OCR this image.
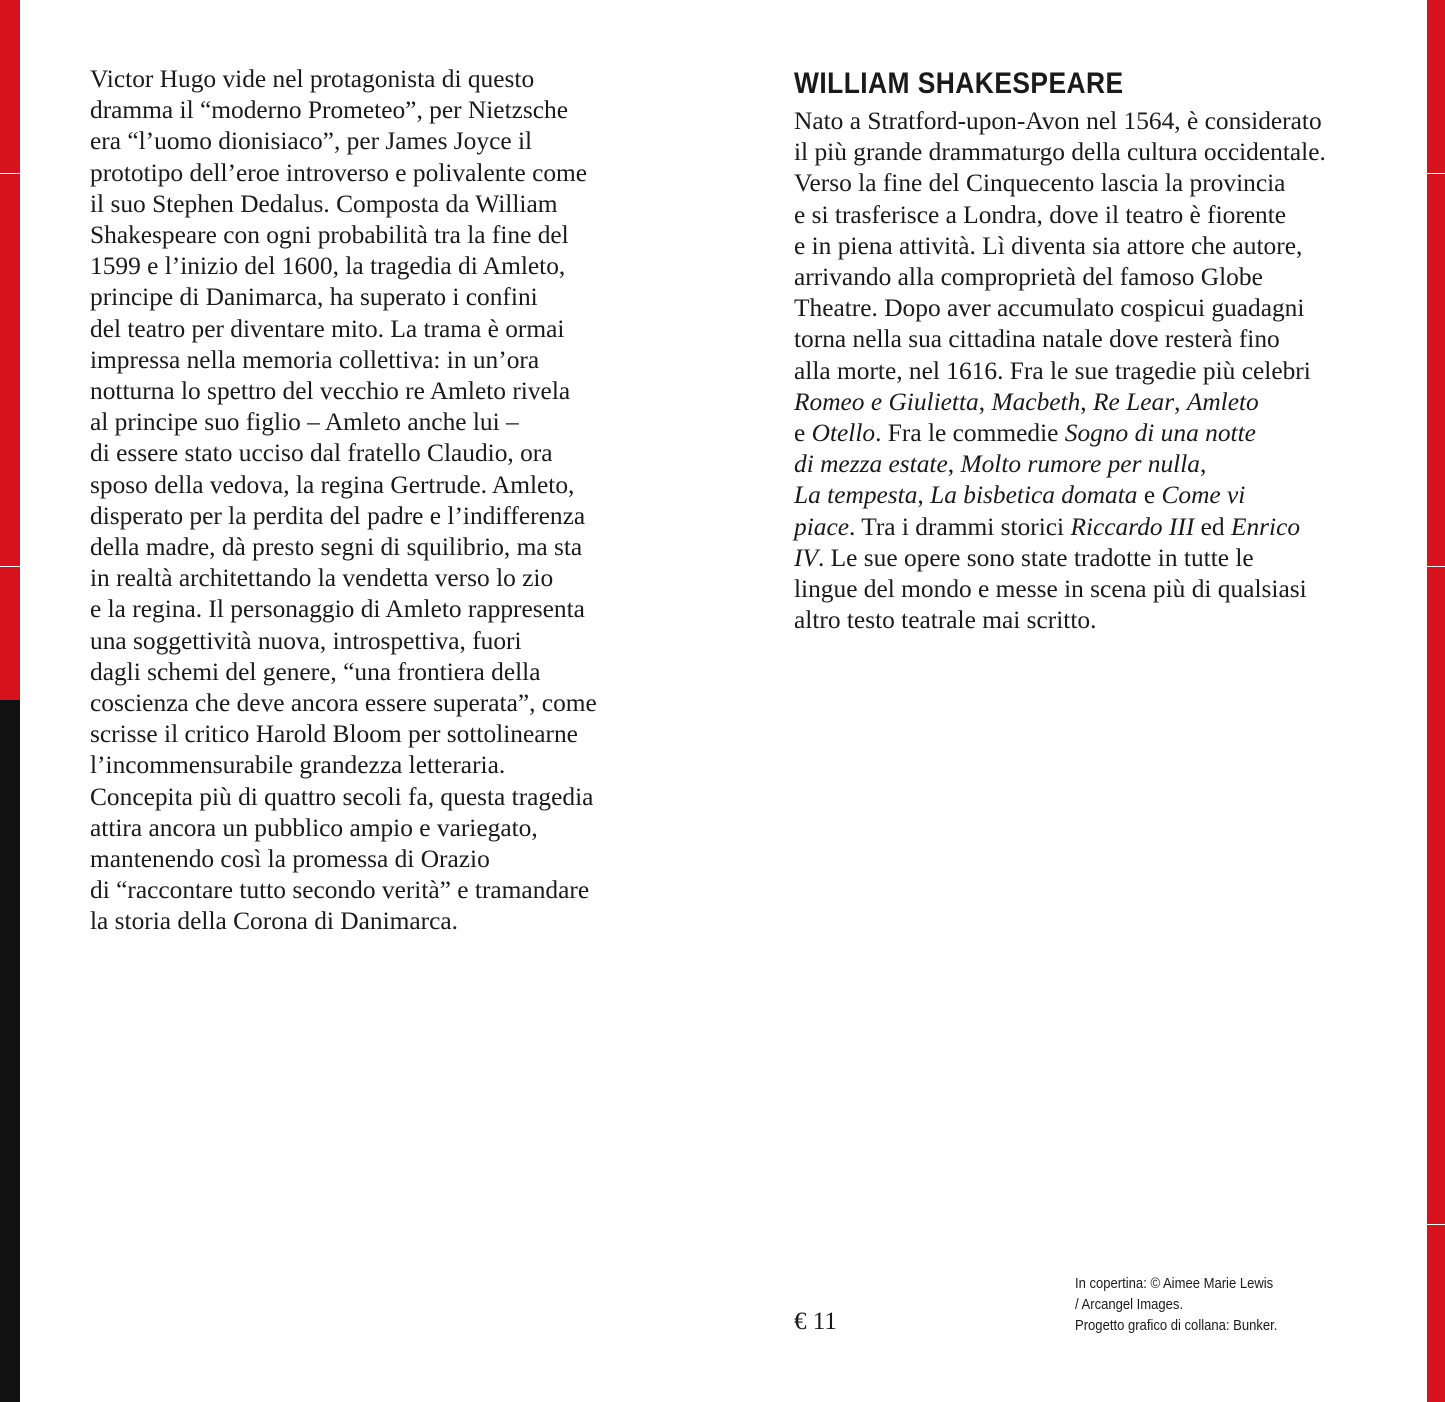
Victor Hugo vide nel protagonista di questo
dramma il “moderno Prometeo”, per Nietzsche
era “l’uomo dionisiaco”, per James Joyce il
prototipo dell’eroe introverso e polivalente come
il suo Stephen Dedalus. Composta da William
Shakespeare con ogni probabilità tra la fine del
1599 e l’inizio del 1600, la tragedia di Amleto,
principe di Danimarca, ha superato i confini
del teatro per diventare mito. La trama è ormai
impressa nella memoria collettiva: in un’ora
notturna lo spettro del vecchio re Amleto rivela
al principe suo figlio – Amleto anche lui –
di essere stato ucciso dal fratello Claudio, ora
sposo della vedova, la regina Gertrude. Amleto,
disperato per la perdita del padre e l’indifferenza
della madre, dà presto segni di squilibrio, ma sta
in realtà architettando la vendetta verso lo zio
e la regina. Il personaggio di Amleto rappresenta
una soggettività nuova, introspettiva, fuori
dagli schemi del genere, “una frontiera della
coscienza che deve ancora essere superata”, come
scrisse il critico Harold Bloom per sottolinearne
l’incommensurabile grandezza letteraria.
Concepita più di quattro secoli fa, questa tragedia
attira ancora un pubblico ampio e variegato,
mantenendo così la promessa di Orazio
di “raccontare tutto secondo verità” e tramandare
la storia della Corona di Danimarca.
WILLIAM SHAKESPEARE
Nato a Stratford-upon-Avon nel 1564, è considerato
il più grande drammaturgo della cultura occidentale.
Verso la fine del Cinquecento lascia la provincia
e si trasferisce a Londra, dove il teatro è fiorente
e in piena attività. Lì diventa sia attore che autore,
arrivando alla comproprietà del famoso Globe
Theatre. Dopo aver accumulato cospicui guadagni
torna nella sua cittadina natale dove resterà fino
alla morte, nel 1616. Fra le sue tragedie più celebri
Romeo e Giulietta, Macbeth, Re Lear, Amleto
e Otello. Fra le commedie Sogno di una notte
di mezza estate, Molto rumore per nulla,
La tempesta, La bisbetica domata e Come vi
piace. Tra i drammi storici Riccardo III ed Enrico
IV. Le sue opere sono state tradotte in tutte le
lingue del mondo e messe in scena più di qualsiasi
altro testo teatrale mai scritto.
€ 11
In copertina: © Aimee Marie Lewis
/ Arcangel Images.
Progetto grafico di collana: Bunker.
